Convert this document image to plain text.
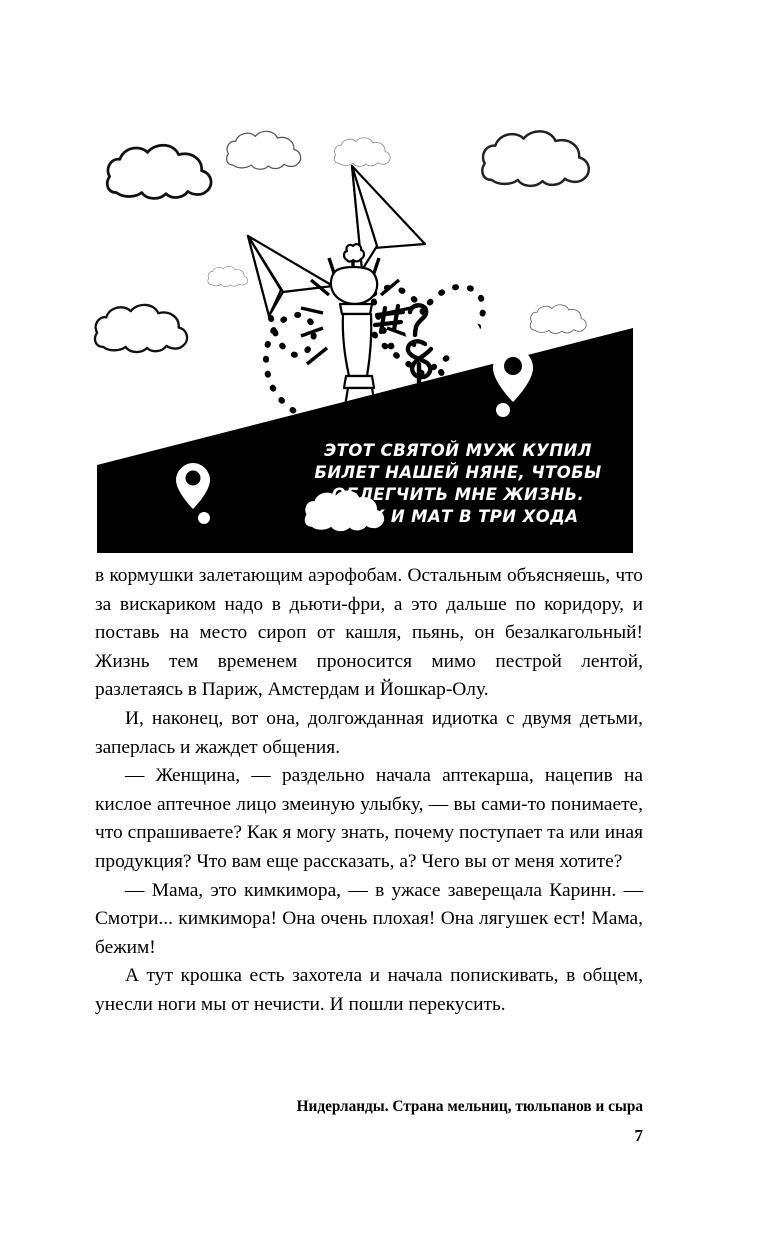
ЭТОТ СВЯТОЙ МУЖ КУПИЛ
БИЛЕТ НАШЕЙ НЯНЕ, ЧТОБЫ
ОБЛЕГЧИТЬ МНЕ ЖИЗНЬ.
ШАХ И МАТ В ТРИ ХОДА

в кормушки залетающим аэрофобам. Остальным объясняешь, что за вискариком надо в дьюти-фри, а это дальше по коридору, и поставь на место сироп от кашля, пьянь, он безалкагольный! Жизнь тем временем проносится мимо пестрой лентой, разлетаясь в Париж, Амстердам и Йошкар-Олу.

И, наконец, вот она, долгожданная идиотка с двумя детьми, заперлась и жаждет общения.

— Женщина, — раздельно начала аптекарша, нацепив на кислое аптечное лицо змеиную улыбку, — вы сами-то понимаете, что спрашиваете? Как я могу знать, почему поступает та или иная продукция? Что вам еще рассказать, а? Чего вы от меня хотите?

— Мама, это кимкимора, — в ужасе заверещала Каринн. — Смотри... кимкимора! Она очень плохая! Она лягушек ест! Мама, бежим!

А тут крошка есть захотела и начала попискивать, в общем, унесли ноги мы от нечисти. И пошли перекусить.

Нидерланды. Страна мельниц, тюльпанов и сыра
7
